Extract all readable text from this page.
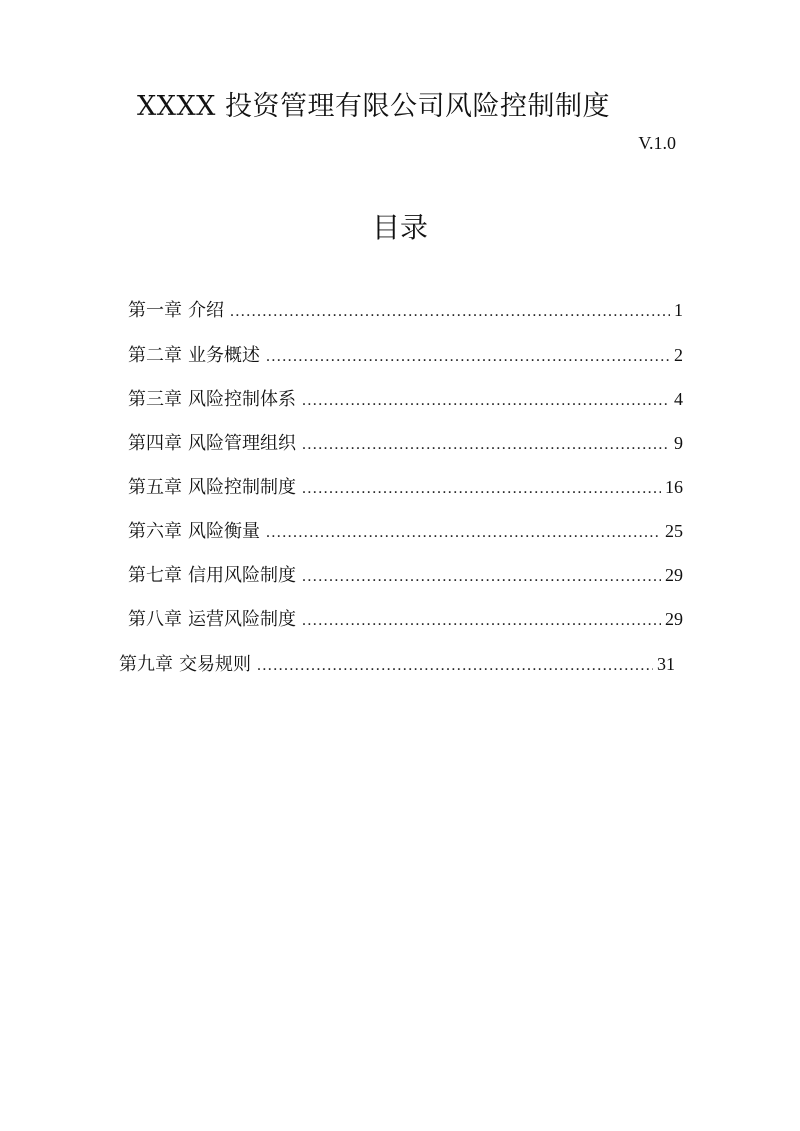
XXXX 投资管理有限公司风险控制制度
V.1.0
目录
第一章 介绍 .....	1
第二章 业务概述 .....	2
第三章 风险控制体系 .....	4
第四章 风险管理组织 .....	9
第五章 风险控制制度 .....	16
第六章 风险衡量 .....	25
第七章 信用风险制度 .....	29
第八章 运营风险制度 .....	29
第九章 交易规则 .....	31
